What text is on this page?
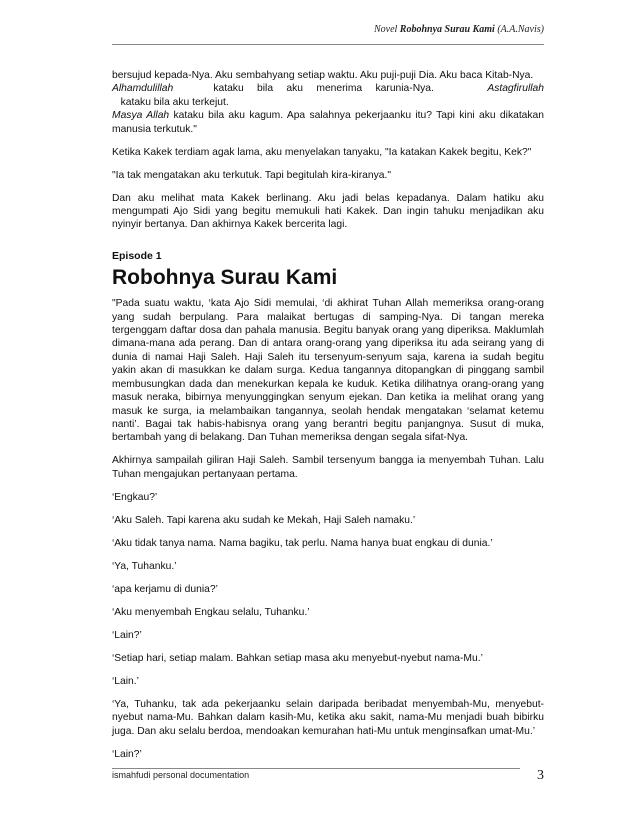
Novel Robohnya Surau Kami (A.A.Navis)

bersujud kepada-Nya. Aku sembahyang setiap waktu. Aku puji-puji Dia. Aku baca Kitab-Nya.
Alhamdulillah   kataku bila aku menerima karunia-Nya.    Astagfirullah   kataku bila aku terkejut.
Masya Allah kataku bila aku kagum. Apa salahnya pekerjaanku itu? Tapi kini aku dikatakan manusia terkutuk."

Ketika Kakek terdiam agak lama, aku menyelakan tanyaku, "Ia katakan Kakek begitu, Kek?"

"Ia tak mengatakan aku terkutuk. Tapi begitulah kira-kiranya."

Dan aku melihat mata Kakek berlinang. Aku jadi belas kepadanya. Dalam hatiku aku mengumpati Ajo Sidi yang begitu memukuli hati Kakek. Dan ingin tahuku menjadikan aku nyinyir bertanya. Dan akhirnya Kakek bercerita lagi.

Episode 1

Robohnya Surau Kami

"Pada suatu waktu, ‘kata Ajo Sidi memulai, ‘di akhirat Tuhan Allah memeriksa orang-orang yang sudah berpulang. Para malaikat bertugas di samping-Nya. Di tangan mereka tergenggam daftar dosa dan pahala manusia. Begitu banyak orang yang diperiksa. Maklumlah dimana-mana ada perang. Dan di antara orang-orang yang diperiksa itu ada seirang yang di dunia di namai Haji Saleh. Haji Saleh itu tersenyum-senyum saja, karena ia sudah begitu yakin akan di masukkan ke dalam surga. Kedua tangannya ditopangkan di pinggang sambil membusungkan dada dan menekurkan kepala ke kuduk. Ketika dilihatnya orang-orang yang masuk neraka, bibirnya menyunggingkan senyum ejekan. Dan ketika ia melihat orang yang masuk ke surga, ia melambaikan tangannya, seolah hendak mengatakan ‘selamat ketemu nanti’. Bagai tak habis-habisnya orang yang berantri begitu panjangnya. Susut di muka, bertambah yang di belakang. Dan Tuhan memeriksa dengan segala sifat-Nya.

Akhirnya sampailah giliran Haji Saleh. Sambil tersenyum bangga ia menyembah Tuhan. Lalu Tuhan mengajukan pertanyaan pertama.

‘Engkau?’

‘Aku Saleh. Tapi karena aku sudah ke Mekah, Haji Saleh namaku.’

‘Aku tidak tanya nama. Nama bagiku, tak perlu. Nama hanya buat engkau di dunia.’

‘Ya, Tuhanku.’

‘apa kerjamu di dunia?’

‘Aku menyembah Engkau selalu, Tuhanku.’

‘Lain?’

‘Setiap hari, setiap malam. Bahkan setiap masa aku menyebut-nyebut nama-Mu.’

‘Lain.’

‘Ya, Tuhanku, tak ada pekerjaanku selain daripada beribadat menyembah-Mu, menyebut-nyebut nama-Mu. Bahkan dalam kasih-Mu, ketika aku sakit, nama-Mu menjadi buah bibirku juga. Dan aku selalu berdoa, mendoakan kemurahan hati-Mu untuk menginsafkan umat-Mu.’

‘Lain?’

ismahfudi personal documentation	3
